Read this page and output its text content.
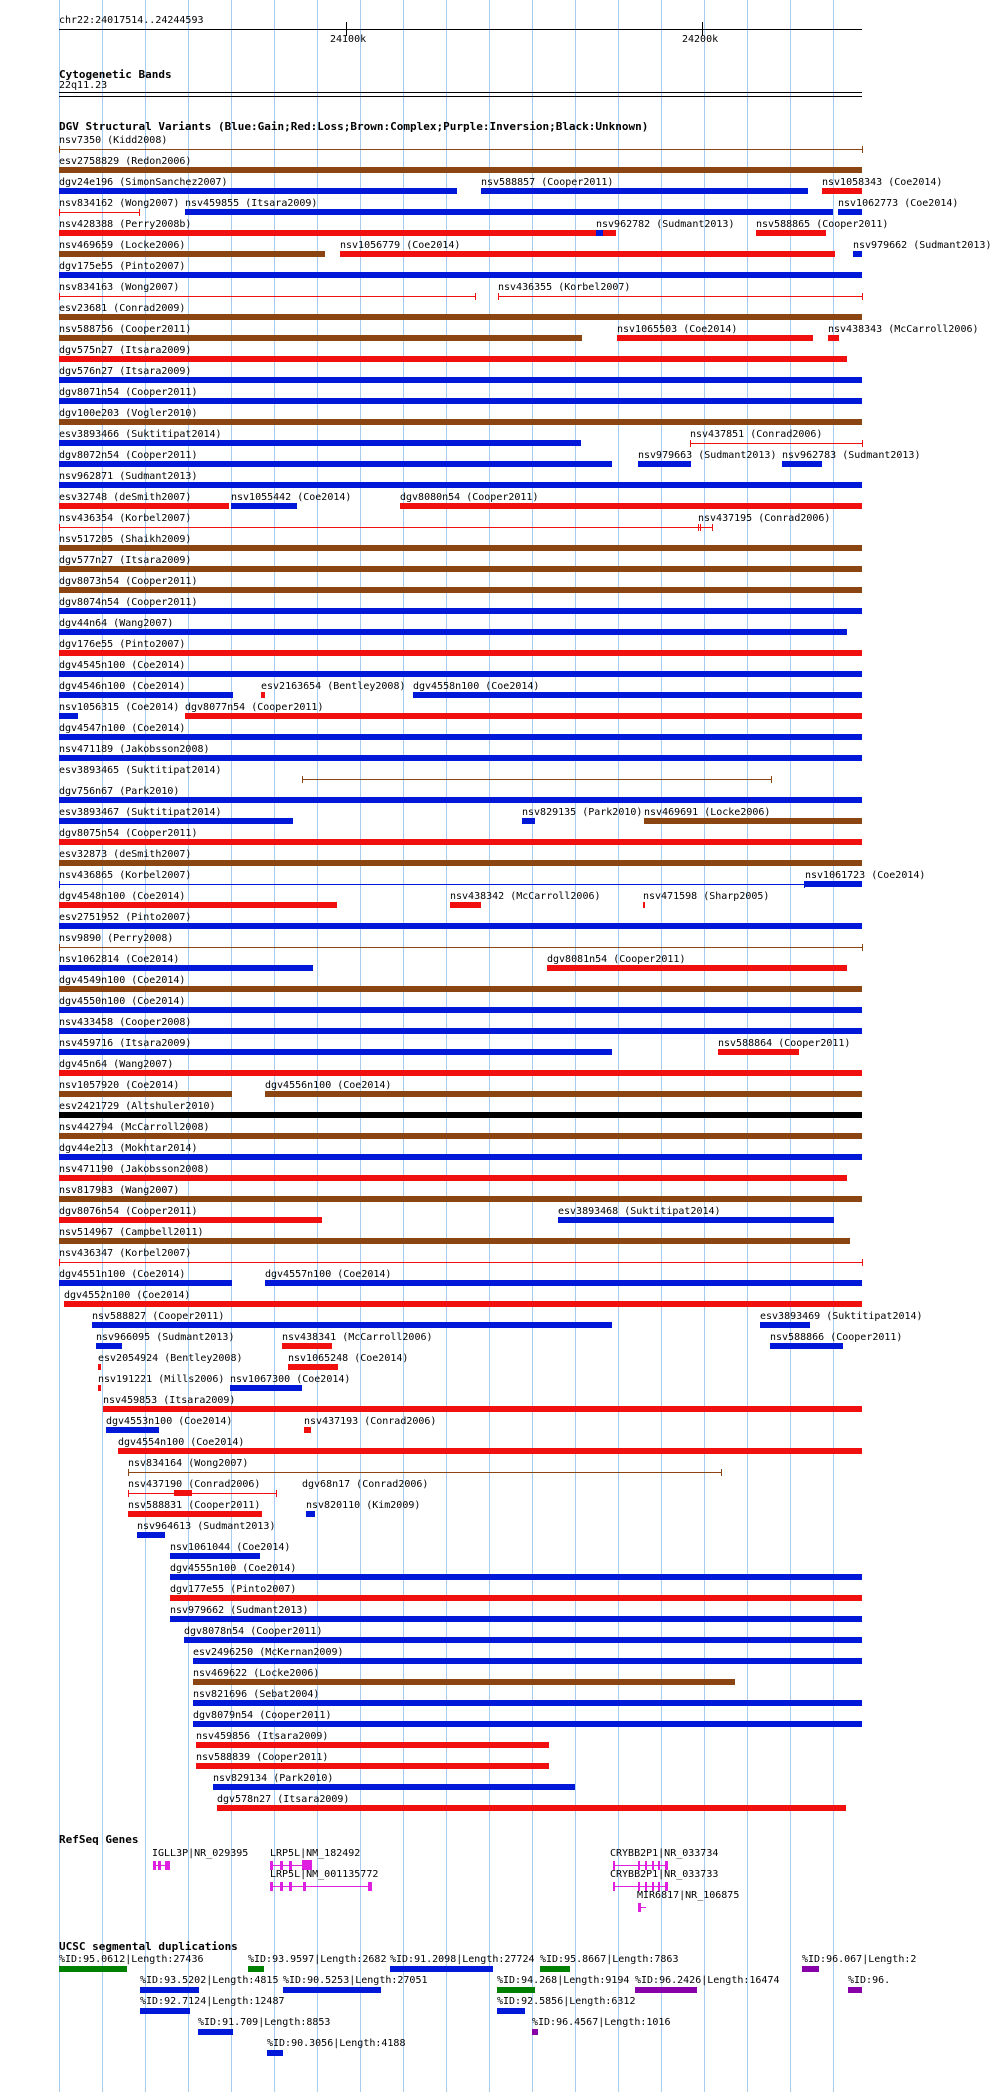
chr22:24017514..24244593
24100k	24200k
Cytogenetic Bands
22q11.23
DGV Structural Variants (Blue:Gain;Red:Loss;Brown:Complex;Purple:Inversion;Black:Unknown)
nsv7350 (Kidd2008)
esv2758829 (Redon2006)
dgv24e196 (SimonSanchez2007)	nsv588857 (Cooper2011)	nsv1058343 (Coe2014)
nsv834162 (Wong2007) nsv459855 (Itsara2009)	nsv1062773 (Coe2014)
nsv428388 (Perry2008b)	nsv962782 (Sudmant2013) nsv588865 (Cooper2011)
nsv469659 (Locke2006)	nsv1056779 (Coe2014)	nsv979662 (Sudmant2013)
dgv175e55 (Pinto2007)
nsv834163 (Wong2007)	nsv436355 (Korbel2007)
esv23681 (Conrad2009)
nsv588756 (Cooper2011)	nsv1065503 (Coe2014)	nsv438343 (McCarroll2006)
dgv575n27 (Itsara2009)
dgv576n27 (Itsara2009)
dgv8071n54 (Cooper2011)
dgv100e203 (Vogler2010)
esv3893466 (Suktitipat2014)	nsv437851 (Conrad2006)
dgv8072n54 (Cooper2011)	nsv979663 (Sudmant2013) nsv962783 (Sudmant2013)
nsv962871 (Sudmant2013)
esv32748 (deSmith2007)	nsv1055442 (Coe2014)	dgv8080n54 (Cooper2011)
nsv436354 (Korbel2007)	nsv437195 (Conrad2006)
nsv517205 (Shaikh2009)
dgv577n27 (Itsara2009)
dgv8073n54 (Cooper2011)
dgv8074n54 (Cooper2011)
dgv44n64 (Wang2007)
dgv176e55 (Pinto2007)
dgv4545n100 (Coe2014)
dgv4546n100 (Coe2014)	esv2163654 (Bentley2008) dgv4558n100 (Coe2014)
nsv1056315 (Coe2014) dgv8077n54 (Cooper2011)
dgv4547n100 (Coe2014)
nsv471189 (Jakobsson2008)
esv3893465 (Suktitipat2014)
dgv756n67 (Park2010)
esv3893467 (Suktitipat2014)	nsv829135 (Park2010) nsv469691 (Locke2006)
dgv8075n54 (Cooper2011)
esv32873 (deSmith2007)
nsv436865 (Korbel2007)	nsv1061723 (Coe2014)
dgv4548n100 (Coe2014)	nsv438342 (McCarroll2006)	nsv471598 (Sharp2005)
esv2751952 (Pinto2007)
nsv9890 (Perry2008)
nsv1062814 (Coe2014)	dgv8081n54 (Cooper2011)
dgv4549n100 (Coe2014)
dgv4550n100 (Coe2014)
nsv433458 (Cooper2008)
nsv459716 (Itsara2009)	nsv588864 (Cooper2011)
dgv45n64 (Wang2007)
nsv1057920 (Coe2014)	dgv4556n100 (Coe2014)
esv2421729 (Altshuler2010)
nsv442794 (McCarroll2008)
dgv44e213 (Mokhtar2014)
nsv471190 (Jakobsson2008)
nsv817983 (Wang2007)
dgv8076n54 (Cooper2011)	esv3893468 (Suktitipat2014)
nsv514967 (Campbell2011)
nsv436347 (Korbel2007)
dgv4551n100 (Coe2014)	dgv4557n100 (Coe2014)
dgv4552n100 (Coe2014)
nsv588827 (Cooper2011)	esv3893469 (Suktitipat2014)
nsv966095 (Sudmant2013)	nsv438341 (McCarroll2006)	nsv588866 (Cooper2011)
esv2054924 (Bentley2008)	nsv1065248 (Coe2014)
nsv191221 (Mills2006) nsv1067300 (Coe2014)
nsv459853 (Itsara2009)
dgv4553n100 (Coe2014)	nsv437193 (Conrad2006)
dgv4554n100 (Coe2014)
nsv834164 (Wong2007)
nsv437190 (Conrad2006)	dgv68n17 (Conrad2006)
nsv588831 (Cooper2011)	nsv820110 (Kim2009)
nsv964613 (Sudmant2013)
nsv1061044 (Coe2014)
dgv4555n100 (Coe2014)
dgv177e55 (Pinto2007)
nsv979662 (Sudmant2013)
dgv8078n54 (Cooper2011)
esv2496250 (McKernan2009)
nsv469622 (Locke2006)
nsv821696 (Sebat2004)
dgv8079n54 (Cooper2011)
nsv459856 (Itsara2009)
nsv588839 (Cooper2011)
nsv829134 (Park2010)
dgv578n27 (Itsara2009)
RefSeq Genes
IGLL3P|NR_029395 LRP5L|NM_182492
LRP5L|NM_001135772
CRYBB2P1|NR_033734
CRYBB2P1|NR_033733
MIR6817|NR_106875
UCSC segmental duplications
%ID:95.0612|Length:27436	%ID:93.9597|Length:2682 %ID:91.2098|Length:27724 %ID:95.8667|Length:7863	%ID:96.067|Length:2
%ID:96.
%ID:93.5202|Length:4815 %ID:90.5253|Length:27051	%ID:94.268|Length:9194 %ID:96.2426|Length:16474
%ID:92.7124|Length:12487	%ID:92.5856|Length:6312
%ID:91.709|Length:8853	%ID:96.4567|Length:1016
%ID:90.3056|Length:4188
